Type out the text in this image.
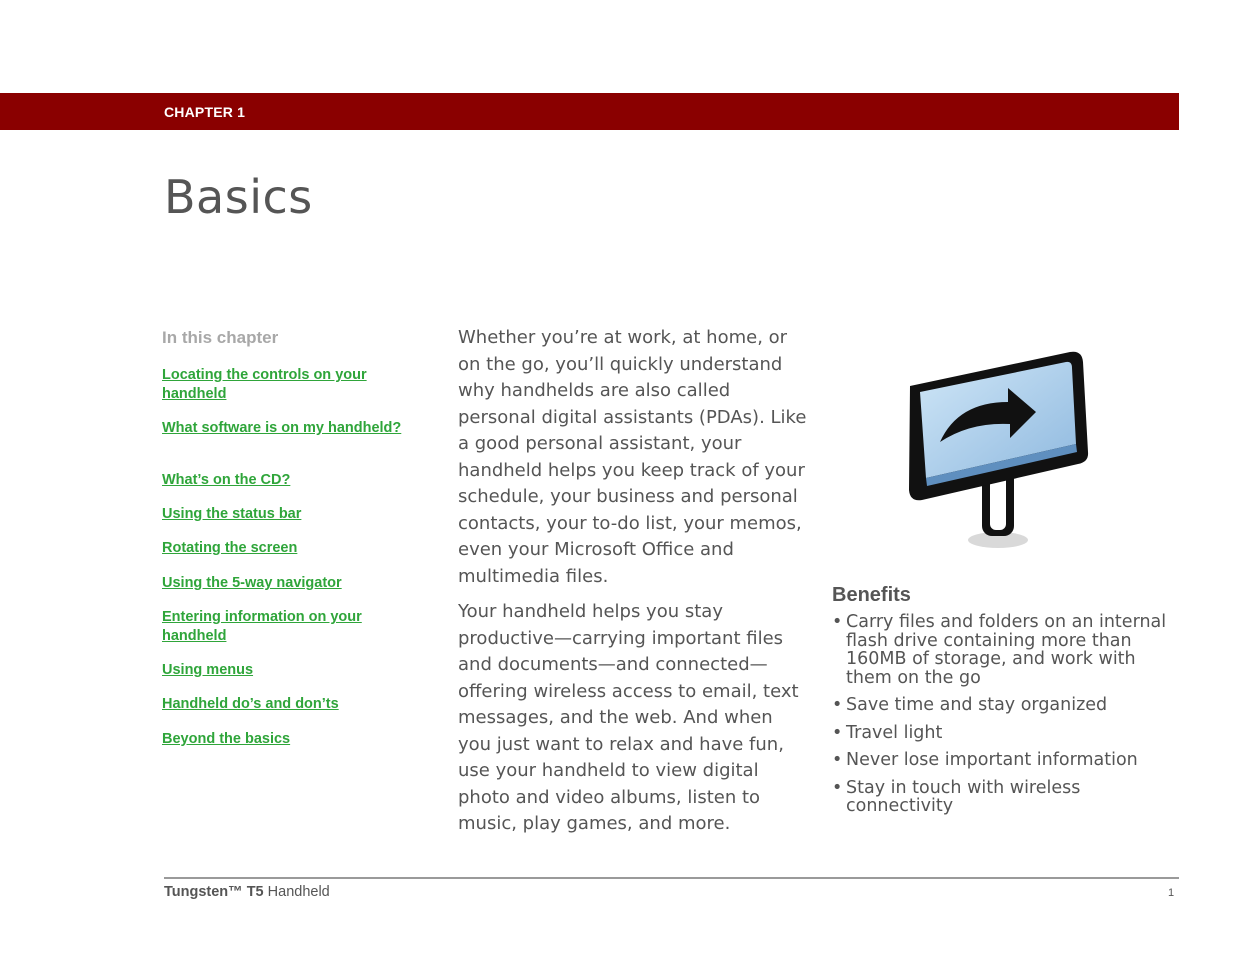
CHAPTER 1
Basics
In this chapter
Locating the controls on your handheld
What software is on my handheld?
What’s on the CD?
Using the status bar
Rotating the screen
Using the 5-way navigator
Entering information on your handheld
Using menus
Handheld do’s and don’ts
Beyond the basics

Whether you’re at work, at home, or on the go, you’ll quickly understand why handhelds are also called personal digital assistants (PDAs). Like a good personal assistant, your handheld helps you keep track of your schedule, your business and personal contacts, your to-do list, your memos, even your Microsoft Office and multimedia files.

Your handheld helps you stay productive—carrying important files and documents—and connected—offering wireless access to email, text messages, and the web. And when you just want to relax and have fun, use your handheld to view digital photo and video albums, listen to music, play games, and more.

Benefits
• Carry files and folders on an internal flash drive containing more than 160MB of storage, and work with them on the go
• Save time and stay organized
• Travel light
• Never lose important information
• Stay in touch with wireless connectivity
Tungsten™ T5 Handheld	1
